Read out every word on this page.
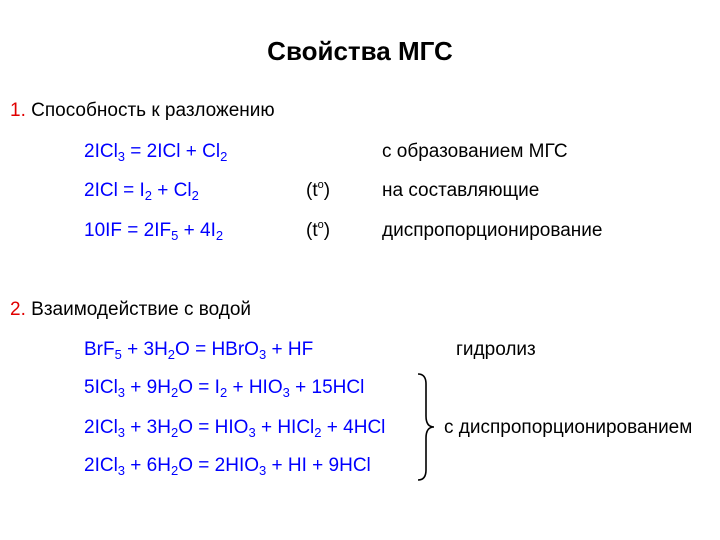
Свойства МГС
1. Способность к разложению
$2ICl_3 = 2ICl + Cl_2$	с образованием МГС
$2ICl = I_2 + Cl_2$	$(t^o)$	на составляющие
$10IF = 2IF_5 + 4I_2$	$(t^o)$	диспропорционирование
2. Взаимодействие с водой
$BrF_5 + 3H_2O$ = HBrO$_3$ + HF	гидролиз
$5ICl_3 + 9H_2O = I_2 + HIO_3 + 15HCl$
$2ICl_3 + 3H_2O = HIO_3$ + HICl$_2$ + 4HCl
$2ICl_3 + 6H_2O = 2HIO_3$ + HI + 9HCl
с диспропорционированием
